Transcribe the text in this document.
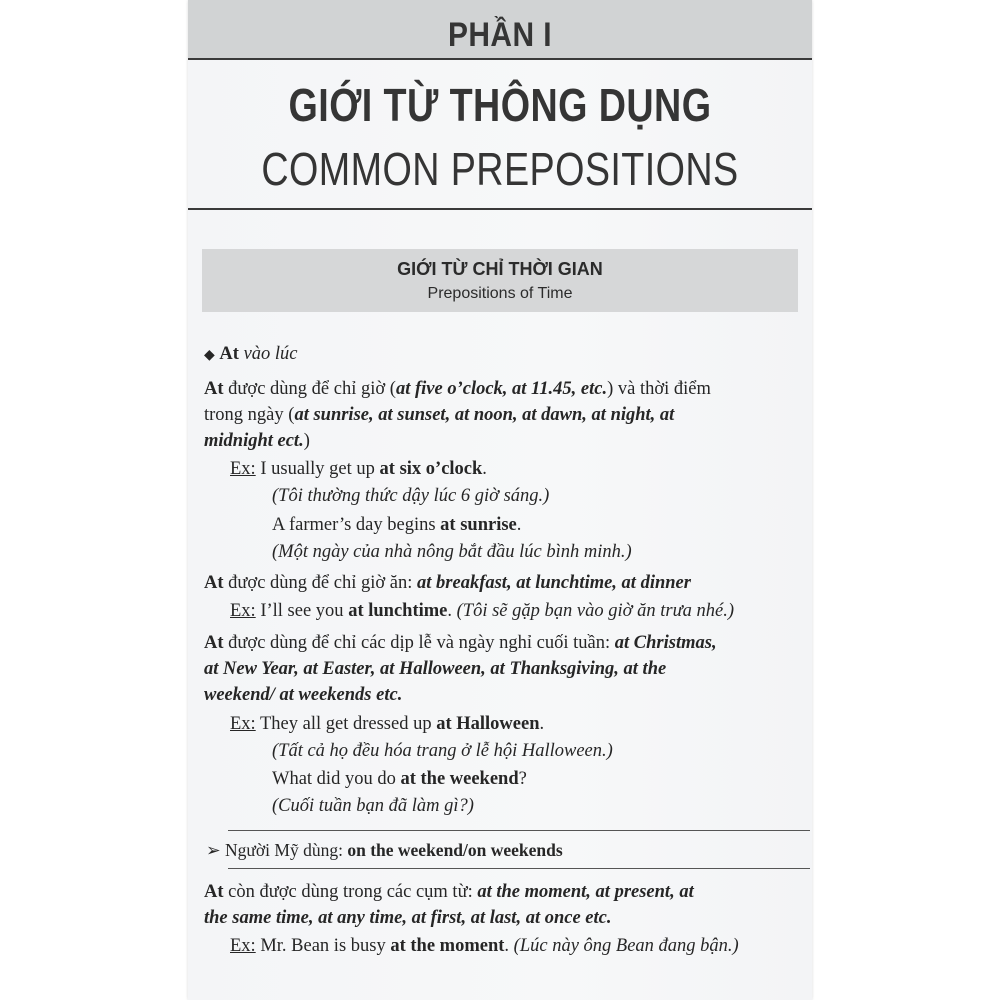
PHẦN I
GIỚI TỪ THÔNG DỤNG
COMMON PREPOSITIONS
GIỚI TỪ CHỈ THỜI GIAN
Prepositions of Time
◆ At vào lúc
At được dùng để chỉ giờ (at five o’clock, at 11.45, etc.) và thời điểm
trong ngày (at sunrise, at sunset, at noon, at dawn, at night, at
midnight ect.)
Ex: I usually get up at six o’clock.
(Tôi thường thức dậy lúc 6 giờ sáng.)
A farmer’s day begins at sunrise.
(Một ngày của nhà nông bắt đầu lúc bình minh.)
At được dùng để chỉ giờ ăn: at breakfast, at lunchtime, at dinner
Ex: I’ll see you at lunchtime. (Tôi sẽ gặp bạn vào giờ ăn trưa nhé.)
At được dùng để chỉ các dịp lễ và ngày nghỉ cuối tuần: at Christmas,
at New Year, at Easter, at Halloween, at Thanksgiving, at the
weekend/ at weekends etc.
Ex: They all get dressed up at Halloween.
(Tất cả họ đều hóa trang ở lễ hội Halloween.)
What did you do at the weekend?
(Cuối tuần bạn đã làm gì?)
➢ Người Mỹ dùng: on the weekend/on weekends
At còn được dùng trong các cụm từ: at the moment, at present, at
the same time, at any time, at first, at last, at once etc.
Ex: Mr. Bean is busy at the moment. (Lúc này ông Bean đang bận.)
